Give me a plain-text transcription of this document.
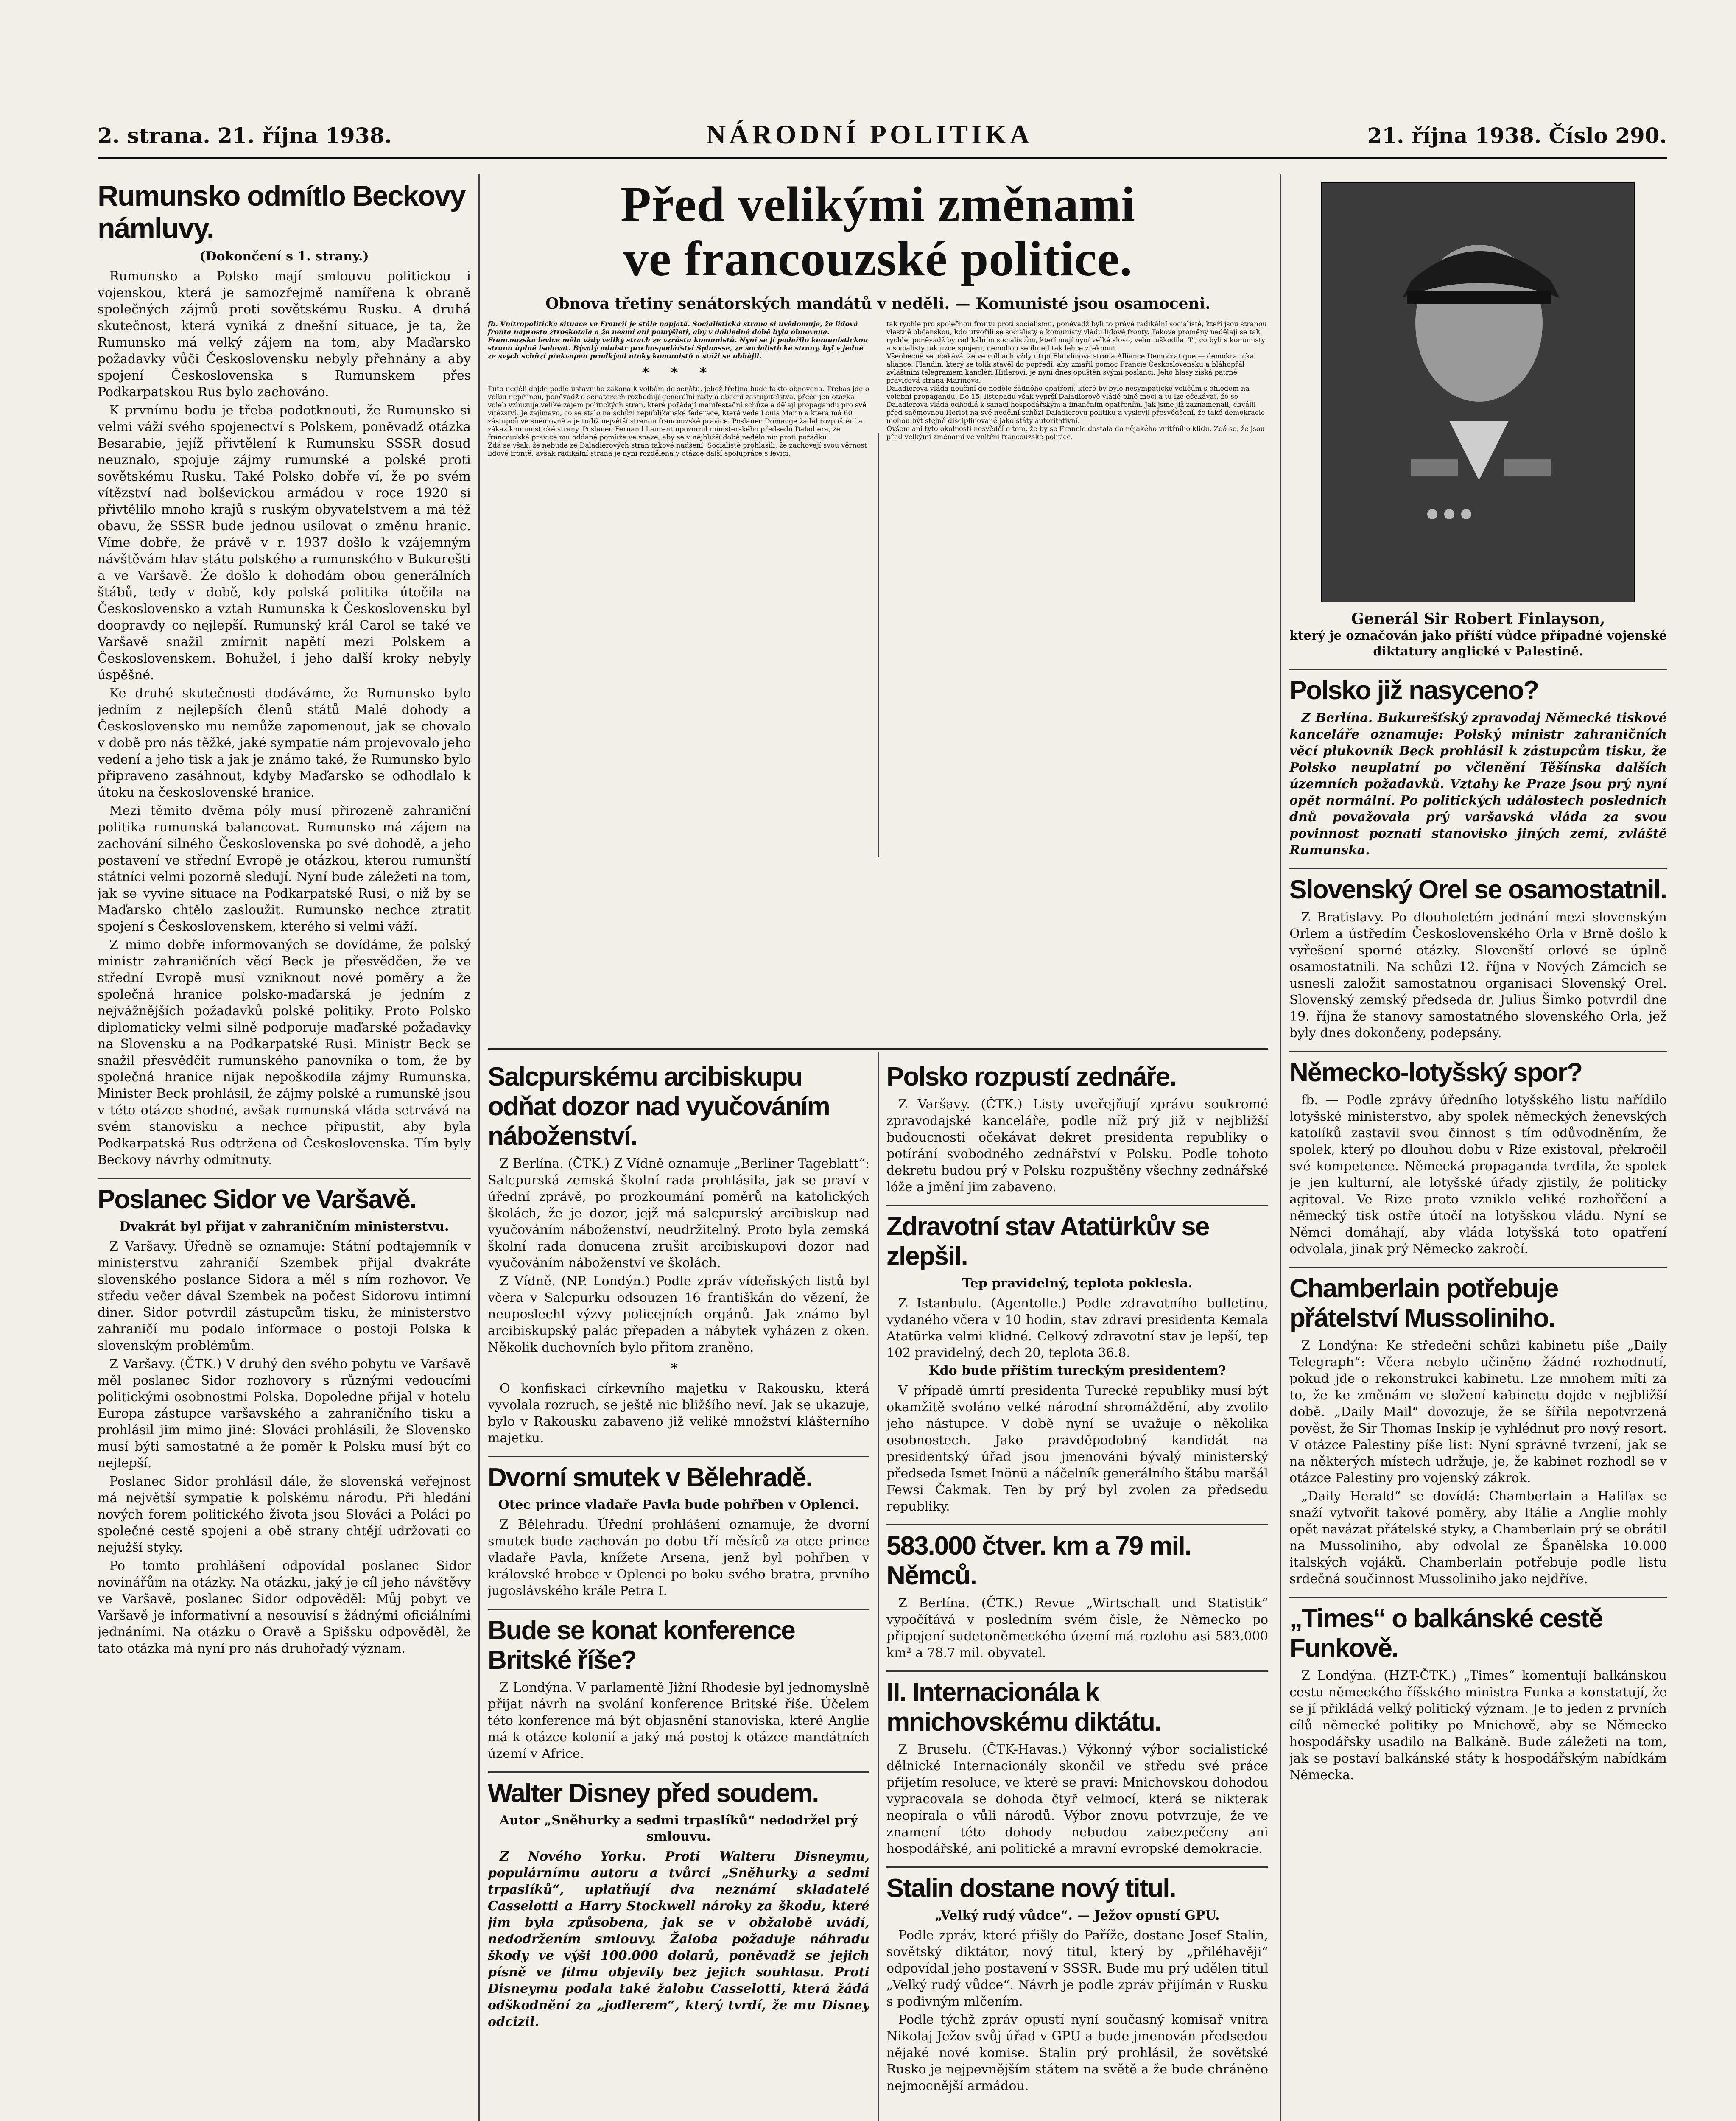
2. strana. 21. října 1938.	NÁRODNÍ POLITIKA	21. října 1938. Číslo 290.
Rumunsko odmítlo Beckovy námluvy.
(Dokončení s 1. strany.)

Rumunsko a Polsko mají smlouvu politickou i vojenskou, která je samozřejmě namířena k obraně společných zájmů proti sovětskému Rusku. A druhá skutečnost, která vyniká z dnešní situace, je ta, že Rumunsko má velký zájem na tom, aby Maďarsko požadavky vůči Československu nebyly přehnány a aby spojení Československa s Rumunskem přes Podkarpatskou Rus bylo zachováno.

K prvnímu bodu je třeba podotknouti, že Rumunsko si velmi váží svého spojenectví s Polskem, poněvadž otázka Besarabie, jejíž přivtělení k Rumunsku SSSR dosud neuznalo, spojuje zájmy rumunské a polské proti sovětskému Rusku. Také Polsko dobře ví, že po svém vítězství nad bolševickou armádou v roce 1920 si přivtělilo mnoho krajů s ruským obyvatelstvem a má též obavu, že SSSR bude jednou usilovat o změnu hranic. Víme dobře, že právě v r. 1937 došlo k vzájemným návštěvám hlav státu polského a rumunského v Bukurešti a ve Varšavě. Že došlo k dohodám obou generálních štábů, tedy v době, kdy polská politika útočila na Československo a vztah Rumunska k Československu byl doopravdy co nejlepší. Rumunský král Carol se také ve Varšavě snažil zmírnit napětí mezi Polskem a Československem. Bohužel, i jeho další kroky nebyly úspěšné.

Ke druhé skutečnosti dodáváme, že Rumunsko bylo jedním z nejlepších členů států Malé dohody a Československo mu nemůže zapomenout, jak se chovalo v době pro nás těžké, jaké sympatie nám projevovalo jeho vedení a jeho tisk a jak je známo také, že Rumunsko bylo připraveno zasáhnout, kdyby Maďarsko se odhodlalo k útoku na československé hranice.

Mezi těmito dvěma póly musí přirozeně zahraniční politika rumunská balancovat. Rumunsko má zájem na zachování silného Československa po své dohodě, a jeho postavení ve střední Evropě je otázkou, kterou rumunští státníci velmi pozorně sledují. Nyní bude záležeti na tom, jak se vyvine situace na Podkarpatské Rusi, o niž by se Maďarsko chtělo zasloužit. Rumunsko nechce ztratit spojení s Československem, kterého si velmi váží.

Z mimo dobře informovaných se dovídáme, že polský ministr zahraničních věcí Beck je přesvědčen, že ve střední Evropě musí vzniknout nové poměry a že společná hranice polsko-maďarská je jedním z nejvážnějších požadavků polské politiky. Proto Polsko diplomaticky velmi silně podporuje maďarské požadavky na Slovensku a na Podkarpatské Rusi. Ministr Beck se snažil přesvědčit rumunského panovníka o tom, že by společná hranice nijak nepoškodila zájmy Rumunska. Minister Beck prohlásil, že zájmy polské a rumunské jsou v této otázce shodné, avšak rumunská vláda setrvává na svém stanovisku a nechce připustit, aby byla Podkarpatská Rus odtržena od Československa. Tím byly Beckovy návrhy odmítnuty.

Poslanec Sidor ve Varšavě.
Dvakrát byl přijat v zahraničním ministerstvu.

Z Varšavy. Úředně se oznamuje: Státní podtajemník v ministerstvu zahraničí Szembek přijal dvakráte slovenského poslance Sidora a měl s ním rozhovor. Ve středu večer dával Szembek na počest Sidorovu intimní diner. Sidor potvrdil zástupcům tisku, že ministerstvo zahraničí mu podalo informace o postoji Polska k slovenským problémům.

Z Varšavy. (ČTK.) V druhý den svého pobytu ve Varšavě měl poslanec Sidor rozhovory s různými vedoucími politickými osobnostmi Polska. Dopoledne přijal v hotelu Europa zástupce varšavského a zahraničního tisku a prohlásil jim mimo jiné: Slováci prohlásili, že Slovensko musí býti samostatné a že poměr k Polsku musí být co nejlepší.

Poslanec Sidor prohlásil dále, že slovenská veřejnost má největší sympatie k polskému národu. Při hledání nových forem politického života jsou Slováci a Poláci po společné cestě spojeni a obě strany chtějí udržovati co nejužší styky.

Po tomto prohlášení odpovídal poslanec Sidor novinářům na otázky. Na otázku, jaký je cíl jeho návštěvy ve Varšavě, poslanec Sidor odpověděl: Můj pobyt ve Varšavě je informativní a nesouvisí s žádnými oficiálními jednáními. Na otázku o Oravě a Spišsku odpověděl, že tato otázka má nyní pro nás druhořadý význam.

Před velikými změnami
ve francouzské politice.
Obnova třetiny senátorských mandátů v neděli. — Komunisté jsou osamoceni.

fb. Vnitropolitická situace ve Francii je stále napjatá. Socialistická strana si uvědomuje, že lidová fronta naprosto ztroskotala a že nesmí ani pomýšleti, aby v dohledné době byla obnovena. Francouzská levice měla vždy veliký strach ze vzrůstu komunistů. Nyní se jí podařilo komunistickou stranu úplně isolovat. Bývalý ministr pro hospodářství Spinasse, ze socialistické strany, byl v jedné ze svých schůzí překvapen prudkými útoky komunistů a stáži se obhájil.

* * *

Tuto neděli dojde podle ústavního zákona k volbám do senátu, jehož třetina bude takto obnovena. Třebas jde o volbu nepřímou, poněvadž o senátorech rozhodují generální rady a obecní zastupitelstva, přece jen otázka voleb vzbuzuje veliké zájem politických stran, které pořádají manifestační schůze a dělají propagandu pro své vítězství. Je zajímavo, co se stalo na schůzi republikánské federace, která vede Louis Marin a která má 60 zástupců ve sněmovně a je tudíž největší stranou francouzské pravice. Poslanec Domange žádal rozpuštění a zákaz komunistické strany. Poslanec Fernand Laurent upozornil ministerského předsedu Daladiera, že francouzská pravice mu oddaně pomůže ve snaze, aby se v nejbližší době nedělo nic proti pořádku.

Zdá se však, že nebude ze Daladierových stran takové nadšení. Socialisté prohlásili, že zachovají svou věrnost lidové frontě, avšak radikální strana je nyní rozdělena v otázce další spolupráce s levicí.

tak rychle pro společnou frontu proti socialismu, poněvadž byli to právě radikální socialisté, kteří jsou stranou vlastně občanskou, kdo utvořili se socialisty a komunisty vládu lidové fronty. Takové proměny nedělají se tak rychle, poněvadž by radikálním socialistům, kteří mají nyní velké slovo, velmi uškodila. Tí, co byli s komunisty a socialisty tak úzce spojeni, nemohou se ihned tak lehce zřeknout.

Všeobecně se očekává, že ve volbách vždy utrpí Flandinova strana Alliance Democratique — demokratická aliance. Flandin, který se tolik stavěl do popředí, aby zmařil pomoc Francie Československu a bláhopřál zvláštním telegramem kancléři Hitlerovi, je nyní dnes opuštěn svými poslanci. Jeho hlasy získá patrně pravicová strana Marinova.

Daladierova vláda neučiní do neděle žádného opatření, které by bylo nesympatické voličům s ohledem na volební propagandu. Do 15. listopadu však vyprší Daladierově vládě plné moci a tu lze očekávat, že se Daladierova vláda odhodlá k sanaci hospodářským a finančním opatřením. Jak jsme již zaznamenali, chválil před sněmovnou Heriot na své nedělní schůzi Daladierovu politiku a vyslovil přesvědčení, že také demokracie mohou být stejně disciplinované jako státy autoritativní.

Ovšem ani tyto okolnosti nesvědčí o tom, že by se Francie dostala do nějakého vnitřního klidu. Zdá se, že jsou před velkými změnami ve vnitřní francouzské politice.

Salcpurskému arcibiskupu odňat dozor nad vyučováním náboženství.

Z Berlína. (ČTK.) Z Vídně oznamuje „Berliner Tageblatt“: Salcpurská zemská školní rada prohlásila, jak se praví v úřední zprávě, po prozkoumání poměrů na katolických školách, že je dozor, jejž má salcpurský arcibiskup nad vyučováním náboženství, neudržitelný. Proto byla zemská školní rada donucena zrušit arcibiskupovi dozor nad vyučováním náboženství ve školách.

Z Vídně. (NP. Londýn.) Podle zpráv vídeňských listů byl včera v Salcpurku odsouzen 16 františkán do vězení, že neuposlechl výzvy policejních orgánů. Jak známo byl arcibiskupský palác přepaden a nábytek vyházen z oken. Několik duchovních bylo přitom zraněno.

*

O konfiskaci církevního majetku v Rakousku, která vyvolala rozruch, se ještě nic bližšího neví. Jak se ukazuje, bylo v Rakousku zabaveno již veliké množství klášterního majetku.

Dvorní smutek v Bělehradě.
Otec prince vladaře Pavla bude pohřben v Oplenci.

Z Bělehradu. Úřední prohlášení oznamuje, že dvorní smutek bude zachován po dobu tří měsíců za otce prince vladaře Pavla, knížete Arsena, jenž byl pohřben v královské hrobce v Oplenci po boku svého bratra, prvního jugoslávského krále Petra I.

Bude se konat konference Britské říše?

Z Londýna. V parlamentě Jižní Rhodesie byl jednomyslně přijat návrh na svolání konference Britské říše. Účelem této konference má být objasnění stanoviska, které Anglie má k otázce kolonií a jaký má postoj k otázce mandátních území v Africe.

Walter Disney před soudem.
Autor „Sněhurky a sedmi trpaslíků“ nedodržel prý smlouvu.

Z Nového Yorku. Proti Walteru Disneymu, populárnímu autoru a tvůrci „Sněhurky a sedmi trpaslíků“, uplatňují dva neznámí skladatelé Casselotti a Harry Stockwell nároky za škodu, které jim byla způsobena, jak se v obžalobě uvádí, nedodržením smlouvy. Žaloba požaduje náhradu škody ve výši 100.000 dolarů, poněvadž se jejich písně ve filmu objevily bez jejich souhlasu. Proti Disneymu podala také žalobu Casselotti, která žádá odškodnění za „jodlerem“, který tvrdí, že mu Disney odcizil.

Polsko rozpustí zednáře.

Z Varšavy. (ČTK.) Listy uveřejňují zprávu soukromé zpravodajské kanceláře, podle níž prý již v nejbližší budoucnosti očekávat dekret presidenta republiky o potírání svobodného zednářství v Polsku. Podle tohoto dekretu budou prý v Polsku rozpuštěny všechny zednářské lóže a jmění jim zabaveno.

Zdravotní stav Atatürkův se zlepšil.
Tep pravidelný, teplota poklesla.

Z Istanbulu. (Agentolle.) Podle zdravotního bulletinu, vydaného včera v 10 hodin, stav zdraví presidenta Kemala Atatürka velmi klidné. Celkový zdravotní stav je lepší, tep 102 pravidelný, dech 20, teplota 36.8.

Kdo bude příštím tureckým presidentem?

V případě úmrtí presidenta Turecké republiky musí být okamžitě svoláno velké národní shromáždění, aby zvolilo jeho nástupce. V době nyní se uvažuje o několika osobnostech. Jako pravděpodobný kandidát na presidentský úřad jsou jmenováni bývalý ministerský předseda Ismet Inönü a náčelník generálního štábu maršál Fewsi Čakmak. Ten by prý byl zvolen za předsedu republiky.

583.000 čtver. km a 79 mil. Němců.

Z Berlína. (ČTK.) Revue „Wirtschaft und Statistik“ vypočítává v posledním svém čísle, že Německo po připojení sudetoněmeckého území má rozlohu asi 583.000 km² a 78.7 mil. obyvatel.

II. Internacionála k mnichovskému diktátu.

Z Bruselu. (ČTK-Havas.) Výkonný výbor socialistické dělnické Internacionály skončil ve středu své práce přijetím resoluce, ve které se praví: Mnichovskou dohodou vypracovala se dohoda čtyř velmocí, která se nikterak neopírala o vůli národů. Výbor znovu potvrzuje, že ve znamení této dohody nebudou zabezpečeny ani hospodářské, ani politické a mravní evropské demokracie.

Stalin dostane nový titul.
„Velký rudý vůdce“. — Ježov opustí GPU.

Podle zpráv, které přišly do Paříže, dostane Josef Stalin, sovětský diktátor, nový titul, který by „přiléhavěji“ odpovídal jeho postavení v SSSR. Bude mu prý udělen titul „Velký rudý vůdce“. Návrh je podle zpráv přijímán v Rusku s podivným mlčením.

Podle týchž zpráv opustí nyní současný komisař vnitra Nikolaj Ježov svůj úřad v GPU a bude jmenován předsedou nějaké nové komise. Stalin prý prohlásil, že sovětské Rusko je nejpevnějším státem na světě a že bude chráněno nejmocnější armádou.

Generál Sir Robert Finlayson,
který je označován jako příští vůdce případné vojenské diktatury anglické v Palestině.
Polsko již nasyceno?

Z Berlína. Bukurešťský zpravodaj Německé tiskové kanceláře oznamuje: Polský ministr zahraničních věcí plukovník Beck prohlásil k zástupcům tisku, že Polsko neuplatní po včlenění Těšínska dalších územních požadavků. Vztahy ke Praze jsou prý nyní opět normální. Po politických událostech posledních dnů považovala prý varšavská vláda za svou povinnost poznati stanovisko jiných zemí, zvláště Rumunska.

Slovenský Orel se osamostatnil.

Z Bratislavy. Po dlouholetém jednání mezi slovenským Orlem a ústředím Československého Orla v Brně došlo k vyřešení sporné otázky. Slovenští orlové se úplně osamostatnili. Na schůzi 12. října v Nových Zámcích se usnesli založit samostatnou organisaci Slovenský Orel. Slovenský zemský předseda dr. Julius Šimko potvrdil dne 19. října že stanovy samostatného slovenského Orla, jež byly dnes dokončeny, podepsány.

Německo-lotyšský spor?

fb. — Podle zprávy úředního lotyšského listu nařídilo lotyšské ministerstvo, aby spolek německých ženevských katolíků zastavil svou činnost s tím odůvodněním, že spolek, který po dlouhou dobu v Rize existoval, překročil své kompetence. Německá propaganda tvrdila, že spolek je jen kulturní, ale lotyšské úřady zjistily, že politicky agitoval. Ve Rize proto vzniklo veliké rozhořčení a německý tisk ostře útočí na lotyšskou vládu. Nyní se Němci domáhají, aby vláda lotyšská toto opatření odvolala, jinak prý Německo zakročí.

Chamberlain potřebuje přátelství Mussoliniho.

Z Londýna: Ke středeční schůzi kabinetu píše „Daily Telegraph“: Včera nebylo učiněno žádné rozhodnutí, pokud jde o rekonstrukci kabinetu. Lze mnohem míti za to, že ke změnám ve složení kabinetu dojde v nejbližší době. „Daily Mail“ dovozuje, že se šířila nepotvrzená pověst, že Sir Thomas Inskip je vyhlédnut pro nový resort. V otázce Palestiny píše list: Nyní správné tvrzení, jak se na některých místech udržuje, je, že kabinet rozhodl se v otázce Palestiny pro vojenský zákrok.

„Daily Herald“ se dovídá: Chamberlain a Halifax se snaží vytvořit takové poměry, aby Itálie a Anglie mohly opět navázat přátelské styky, a Chamberlain prý se obrátil na Mussoliniho, aby odvolal ze Španělska 10.000 italských vojáků. Chamberlain potřebuje podle listu srdečná součinnost Mussoliniho jako nejdříve.

„Times“ o balkánské cestě Funkově.

Z Londýna. (HZT-ČTK.) „Times“ komentují balkánskou cestu německého říšského ministra Funka a konstatují, že se jí přikládá velký politický význam. Je to jeden z prvních cílů německé politiky po Mnichově, aby se Německo hospodářsky usadilo na Balkáně. Bude záležeti na tom, jak se postaví balkánské státy k hospodářským nabídkám Německa.
